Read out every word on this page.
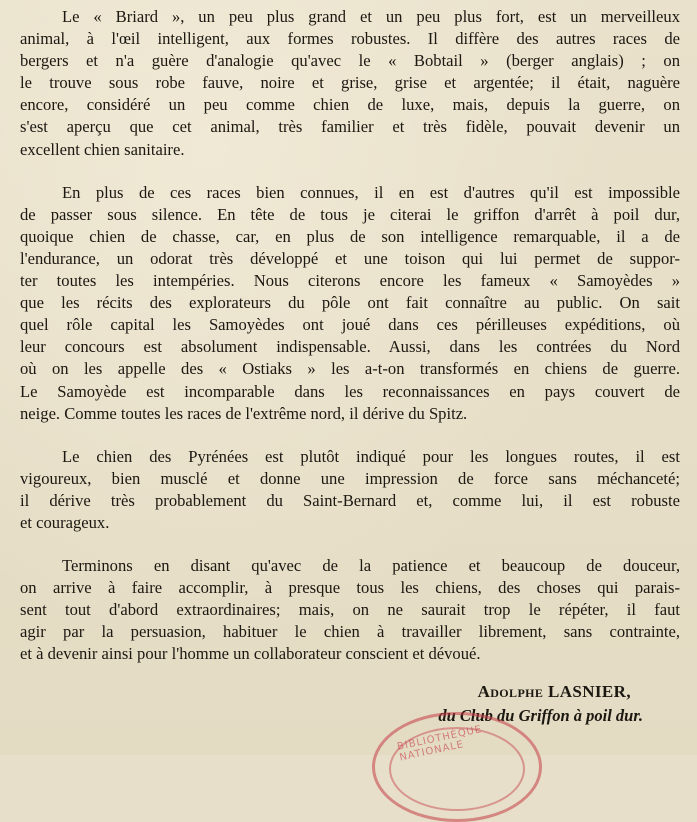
Le « Briard », un peu plus grand et un peu plus fort, est un merveilleux
animal, à l'œil intelligent, aux formes robustes. Il diffère des autres races de
bergers et n'a guère d'analogie qu'avec le « Bobtail » (berger anglais) ; on
le trouve sous robe fauve, noire et grise, grise et argentée; il était, naguère
encore, considéré un peu comme chien de luxe, mais, depuis la guerre, on
s'est aperçu que cet animal, très familier et très fidèle, pouvait devenir un
excellent chien sanitaire.

En plus de ces races bien connues, il en est d'autres qu'il est impossible
de passer sous silence. En tête de tous je citerai le griffon d'arrêt à poil dur,
quoique chien de chasse, car, en plus de son intelligence remarquable, il a de
l'endurance, un odorat très développé et une toison qui lui permet de suppor-
ter toutes les intempéries. Nous citerons encore les fameux « Samoyèdes »
que les récits des explorateurs du pôle ont fait connaître au public. On sait
quel rôle capital les Samoyèdes ont joué dans ces périlleuses expéditions, où
leur concours est absolument indispensable. Aussi, dans les contrées du Nord
où on les appelle des « Ostiaks » les a-t-on transformés en chiens de guerre.
Le Samoyède est incomparable dans les reconnaissances en pays couvert de
neige. Comme toutes les races de l'extrême nord, il dérive du Spitz.

Le chien des Pyrénées est plutôt indiqué pour les longues routes, il est
vigoureux, bien musclé et donne une impression de force sans méchanceté;
il dérive très probablement du Saint-Bernard et, comme lui, il est robuste
et courageux.

Terminons en disant qu'avec de la patience et beaucoup de douceur,
on arrive à faire accomplir, à presque tous les chiens, des choses qui parais-
sent tout d'abord extraordinaires; mais, on ne saurait trop le répéter, il faut
agir par la persuasion, habituer le chien à travailler librement, sans contrainte,
et à devenir ainsi pour l'homme un collaborateur conscient et dévoué.

Adolphe LASNIER,
du Club du Griffon à poil dur.
BIBLIOTHÈQUE NATIONALE
